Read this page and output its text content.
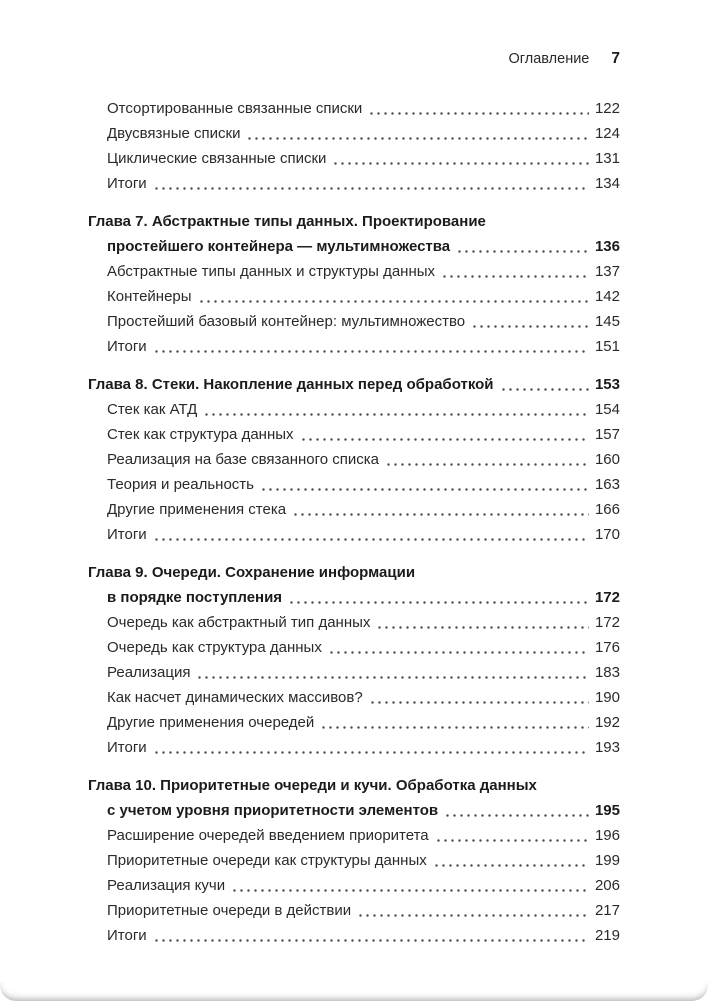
Оглавление 7
Отсортированные связанные списки	122
Двусвязные списки	124
Циклические связанные списки	131
Итоги	134
Глава 7. Абстрактные типы данных. Проектирование
простейшего контейнера — мультимножества	136
Абстрактные типы данных и структуры данных	137
Контейнеры	142
Простейший базовый контейнер: мультимножество	145
Итоги	151
Глава 8. Стеки. Накопление данных перед обработкой	153
Стек как АТД	154
Стек как структура данных	157
Реализация на базе связанного списка	160
Теория и реальность	163
Другие применения стека	166
Итоги	170
Глава 9. Очереди. Сохранение информации
в порядке поступления	172
Очередь как абстрактный тип данных	172
Очередь как структура данных	176
Реализация	183
Как насчет динамических массивов?	190
Другие применения очередей	192
Итоги	193
Глава 10. Приоритетные очереди и кучи. Обработка данных
с учетом уровня приоритетности элементов	195
Расширение очередей введением приоритета	196
Приоритетные очереди как структуры данных	199
Реализация кучи	206
Приоритетные очереди в действии	217
Итоги	219
